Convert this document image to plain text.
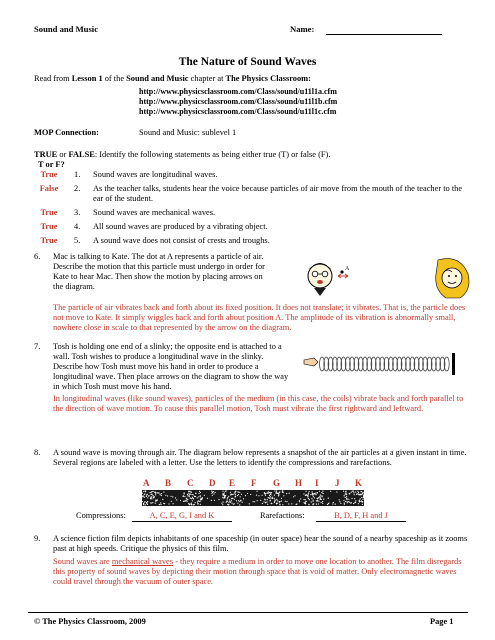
Sound and Music	Name:
The Nature of Sound Waves
Read from Lesson 1 of the Sound and Music chapter at The Physics Classroom:
http://www.physicsclassroom.com/Class/sound/u11l1a.cfm
http://www.physicsclassroom.com/Class/sound/u11l1b.cfm
http://www.physicsclassroom.com/Class/sound/u11l1c.cfm
MOP Connection:	Sound and Music: sublevel 1
TRUE or FALSE: Identify the following statements as being either true (T) or false (F).
T or F?
True	1. Sound waves are longitudinal waves.
False	2. As the teacher talks, students hear the voice because particles of air move from the mouth of the teacher to the ear of the student.
True	3. Sound waves are mechanical waves.
True	4. All sound waves are produced by a vibrating object.
True	5. A sound wave does not consist of crests and troughs.
6. Mac is talking to Kate. The dot at A represents a particle of air. Describe the motion that this particle must undergo in order for Kate to hear Mac. Then show the motion by placing arrows on the diagram.
The particle of air vibrates back and forth about its fixed position. It does not translate; it vibrates. That is, the particle does not move to Kate. It simply wiggles back and forth about position A. The amplitude of its vibration is abnormally small, nowhere close in scale to that represented by the arrow on the diagram.
A
7. Tosh is holding one end of a slinky; the opposite end is attached to a wall. Tosh wishes to produce a longitudinal wave in the slinky. Describe how Tosh must move his hand in order to produce a longitudinal wave. Then place arrows on the diagram to show the way in which Tosh must move his hand.
In longitudinal waves (like sound waves), particles of the medium (in this case, the coils) vibrate back and forth parallel to the direction of wave motion. To cause this parallel motion, Tosh must vibrate the first rightward and leftward.
8. A sound wave is moving through air. The diagram below represents a snapshot of the air particles at a given instant in time. Several regions are labeled with a letter. Use the letters to identify the compressions and rarefactions.
A B C D E F G H I J K
Compressions:	A, C, E, G, I and K	Rarefactions:	B, D, F, H and J
9. A science fiction film depicts inhabitants of one spaceship (in outer space) hear the sound of a nearby spaceship as it zooms past at high speeds. Critique the physics of this film.
Sound waves are mechanical waves - they require a medium in order to move one location to another. The film disregards this property of sound waves by depicting their motion through space that is void of matter. Only electromagnetic waves could travel through the vacuum of outer space.
© The Physics Classroom, 2009	Page 1
